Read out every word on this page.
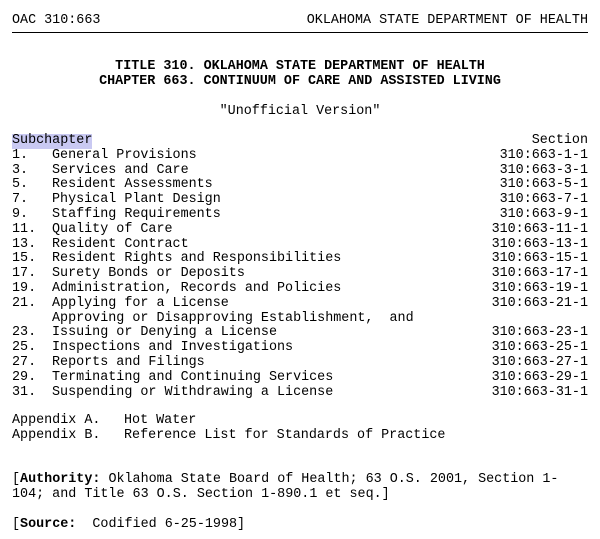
OAC 310:663	OKLAHOMA STATE DEPARTMENT OF HEALTH
TITLE 310. OKLAHOMA STATE DEPARTMENT OF HEALTH
CHAPTER 663. CONTINUUM OF CARE AND ASSISTED LIVING
"Unofficial Version"
Subchapter	Section
1. General Provisions	310:663-1-1
3. Services and Care	310:663-3-1
5. Resident Assessments	310:663-5-1
7. Physical Plant Design	310:663-7-1
9. Staffing Requirements	310:663-9-1
11. Quality of Care	310:663-11-1
13. Resident Contract	310:663-13-1
15. Resident Rights and Responsibilities	310:663-15-1
17. Surety Bonds or Deposits	310:663-17-1
19. Administration, Records and Policies	310:663-19-1
21. Applying for a License	310:663-21-1
23.Approving or Disapproving Establishment,  and
Issuing or Denying a License	310:663-23-1
25. Inspections and Investigations	310:663-25-1
27. Reports and Filings	310:663-27-1
29. Terminating and Continuing Services	310:663-29-1
31. Suspending or Withdrawing a License	310:663-31-1
Appendix A. Hot Water
Appendix B. Reference List for Standards of Practice
[Authority: Oklahoma State Board of Health; 63 O.S. 2001, Section 1-104; and Title 63 O.S. Section 1-890.1 et seq.]
[Source:  Codified 6-25-1998]
